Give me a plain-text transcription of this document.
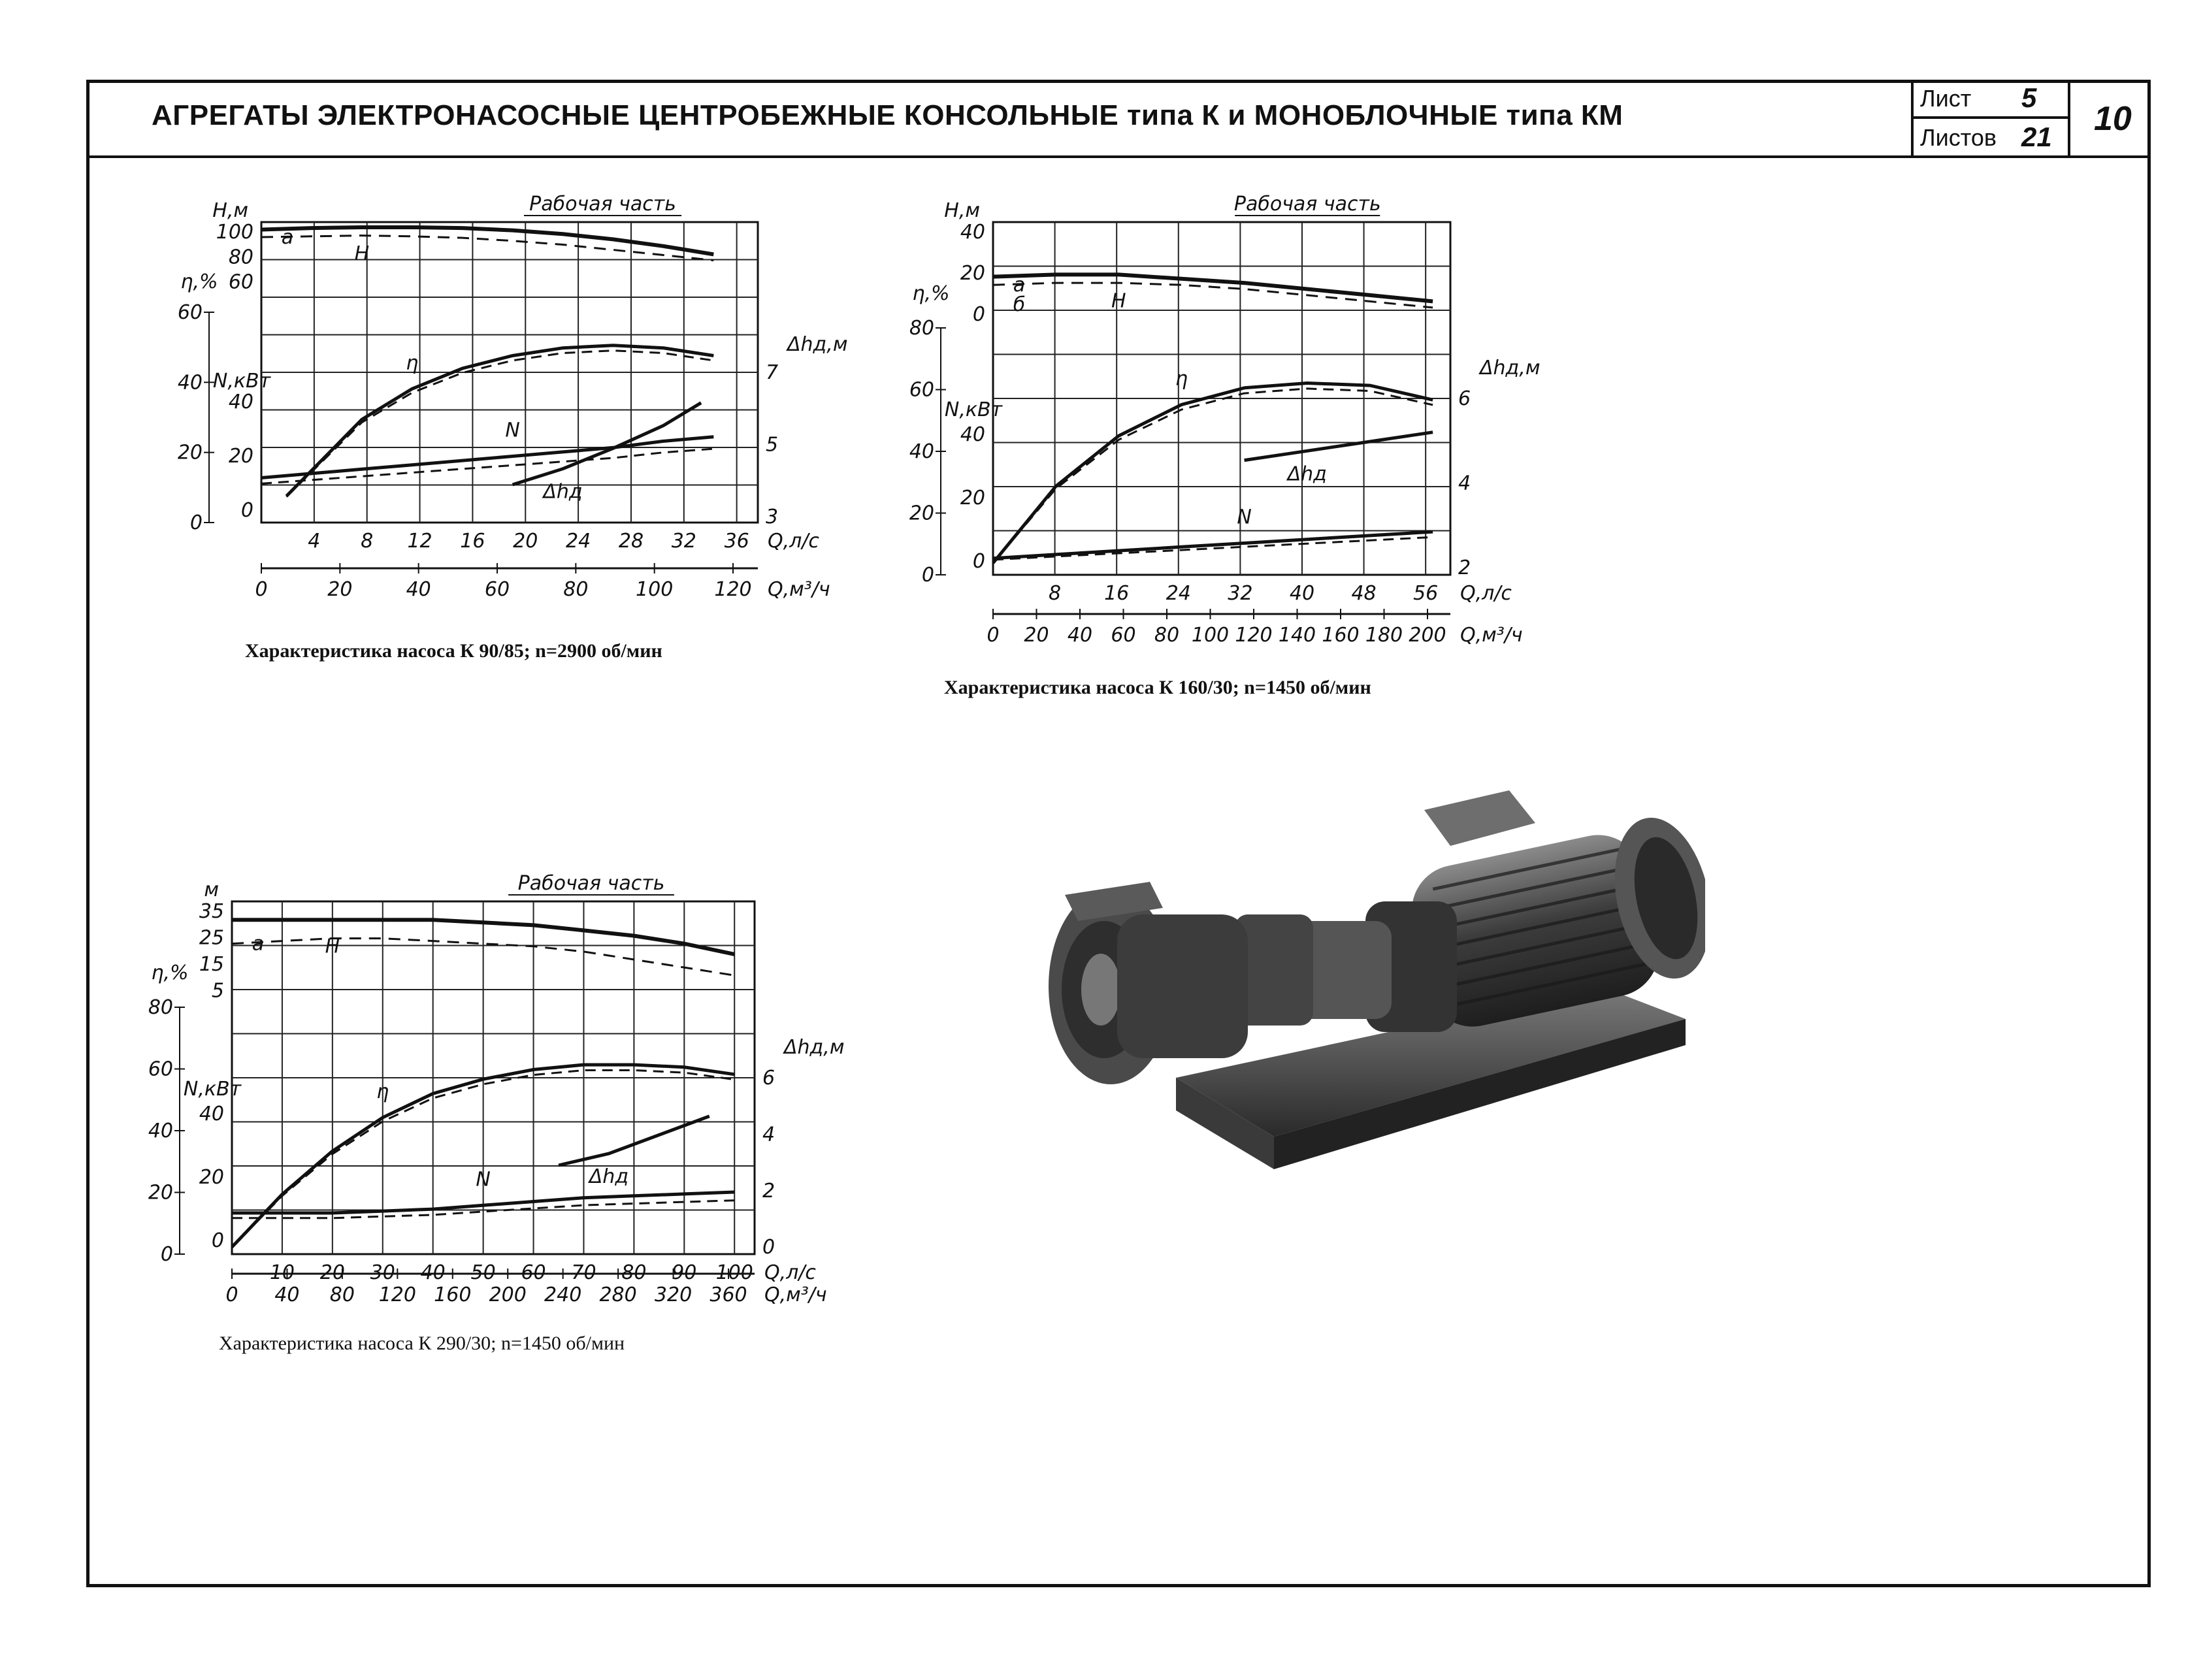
АГРЕГАТЫ ЭЛЕКТРОНАСОСНЫЕ ЦЕНТРОБЕЖНЫЕ КОНСОЛЬНЫЕ типа К и МОНОБЛОЧНЫЕ типа КМ
Лист 5
Листов 21 10
H
η
N
Δhд
а
Рабочая часть
Н,м
η,%
N,кВт
Δhд,м
100
80
60
40
20
0
60
40
20
0
7
5
3
4 8 12 16 20 24 28 32 36 Q,л/с
0	20	40	60	80 100 120 Q,м³/ч
Характеристика насоса К 90/85; n=2900 об/мин
H
η
N
Δhд
а
б
Рабочая часть
Н,м
η,%
N,кВт
Δhд,м
40
20
0
40
20
0
80
60
40
20
0
6
4
2
8 16 24 32 40 48 56 Q,л/с
0 20 40 60 80 100 120 140 160 180 200 Q,м³/ч
Характеристика насоса К 160/30; n=1450 об/мин
H
η
N	Δhд
а
Рабочая часть
м
η,%
N,кВт
Δhд,м
35
25
15
5
40
20
0
80
60
40
20
0
6
4
2
0
10 20 30 40 50 60 70 80 90 100 Q,л/с
0 40 80 120 160 200 240 280 320 360 Q,м³/ч
Характеристика насоса К 290/30; n=1450 об/мин
